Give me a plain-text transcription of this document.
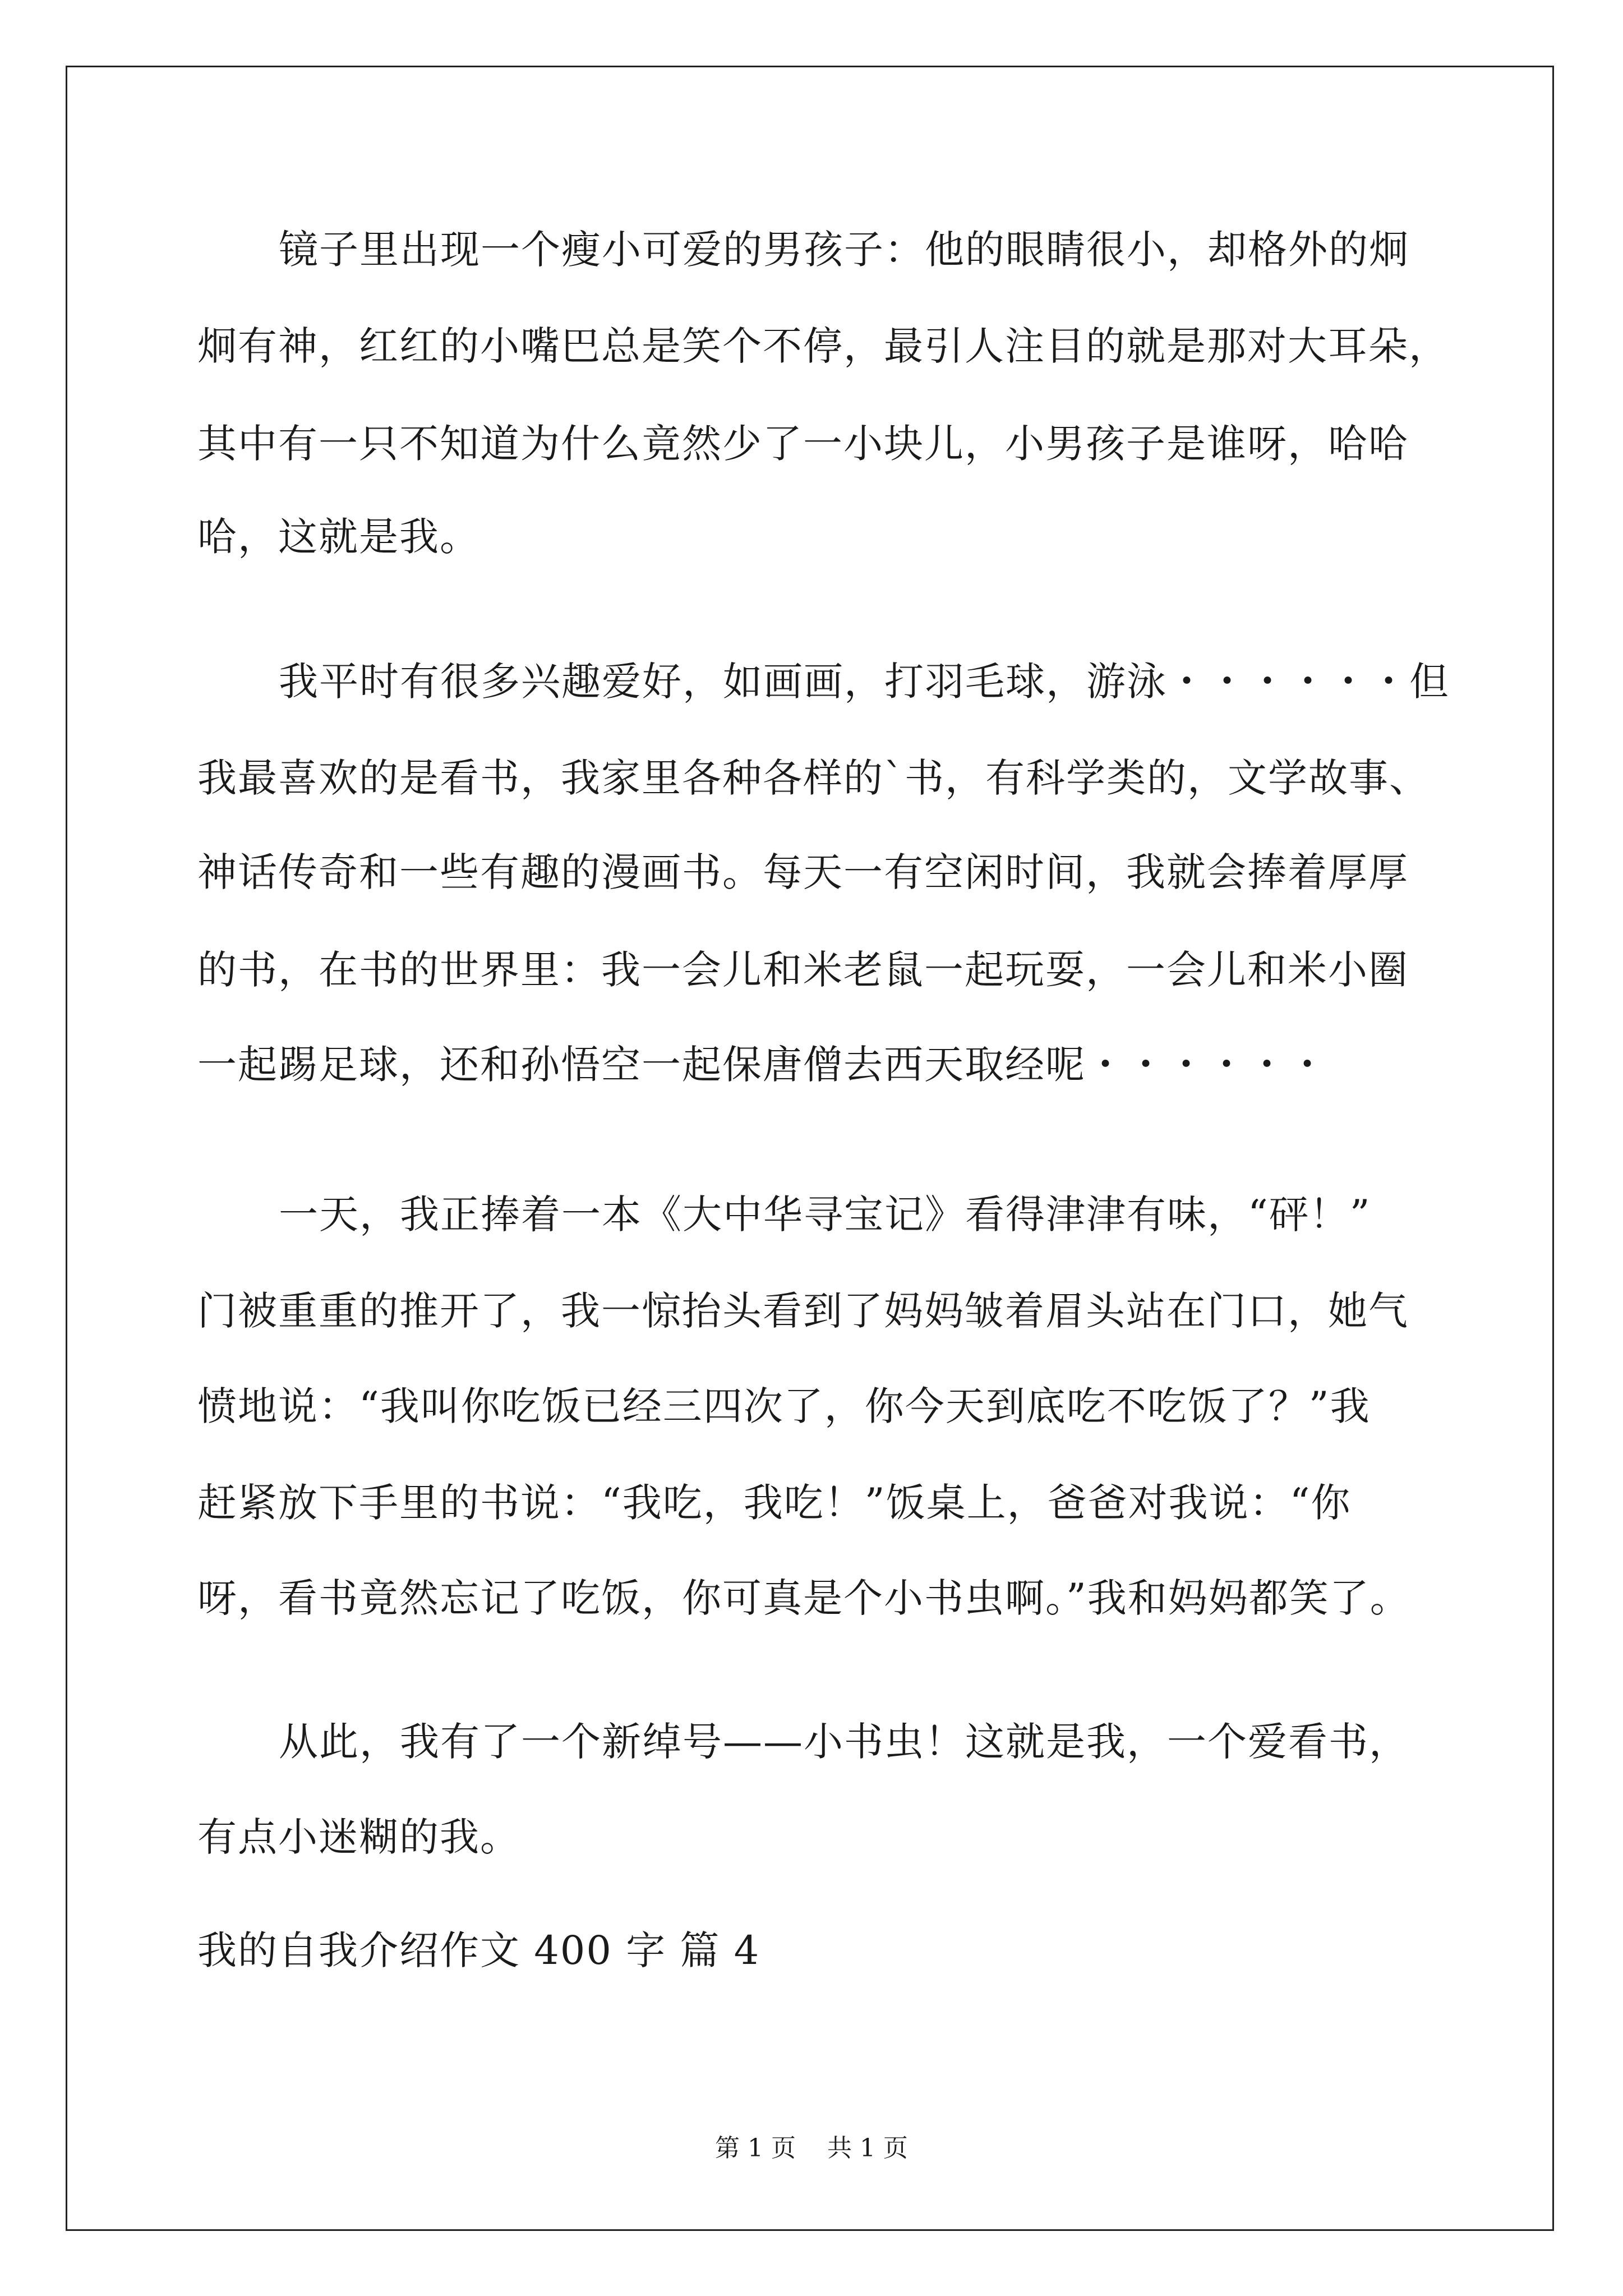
镜子里出现一个瘦小可爱的男孩子：他的眼睛很小，却格外的炯
炯有神，红红的小嘴巴总是笑个不停，最引人注目的就是那对大耳朵，
其中有一只不知道为什么竟然少了一小块儿，小男孩子是谁呀，哈哈
哈，这就是我。
我平时有很多兴趣爱好，如画画，打羽毛球，游泳・・・・・・但
我最喜欢的是看书，我家里各种各样的`书，有科学类的，文学故事、
神话传奇和一些有趣的漫画书。每天一有空闲时间，我就会捧着厚厚
的书，在书的世界里：我一会儿和米老鼠一起玩耍，一会儿和米小圈
一起踢足球，还和孙悟空一起保唐僧去西天取经呢・・・・・・
一天，我正捧着一本《大中华寻宝记》看得津津有味，“砰！”
门被重重的推开了，我一惊抬头看到了妈妈皱着眉头站在门口，她气
愤地说：“我叫你吃饭已经三四次了，你今天到底吃不吃饭了？”我
赶紧放下手里的书说：“我吃，我吃！”饭桌上，爸爸对我说：“你
呀，看书竟然忘记了吃饭，你可真是个小书虫啊。”我和妈妈都笑了。
从此，我有了一个新绰号——小书虫！这就是我，一个爱看书，
有点小迷糊的我。
我的自我介绍作文 400 字 篇 4
第 1 页    共 1 页
